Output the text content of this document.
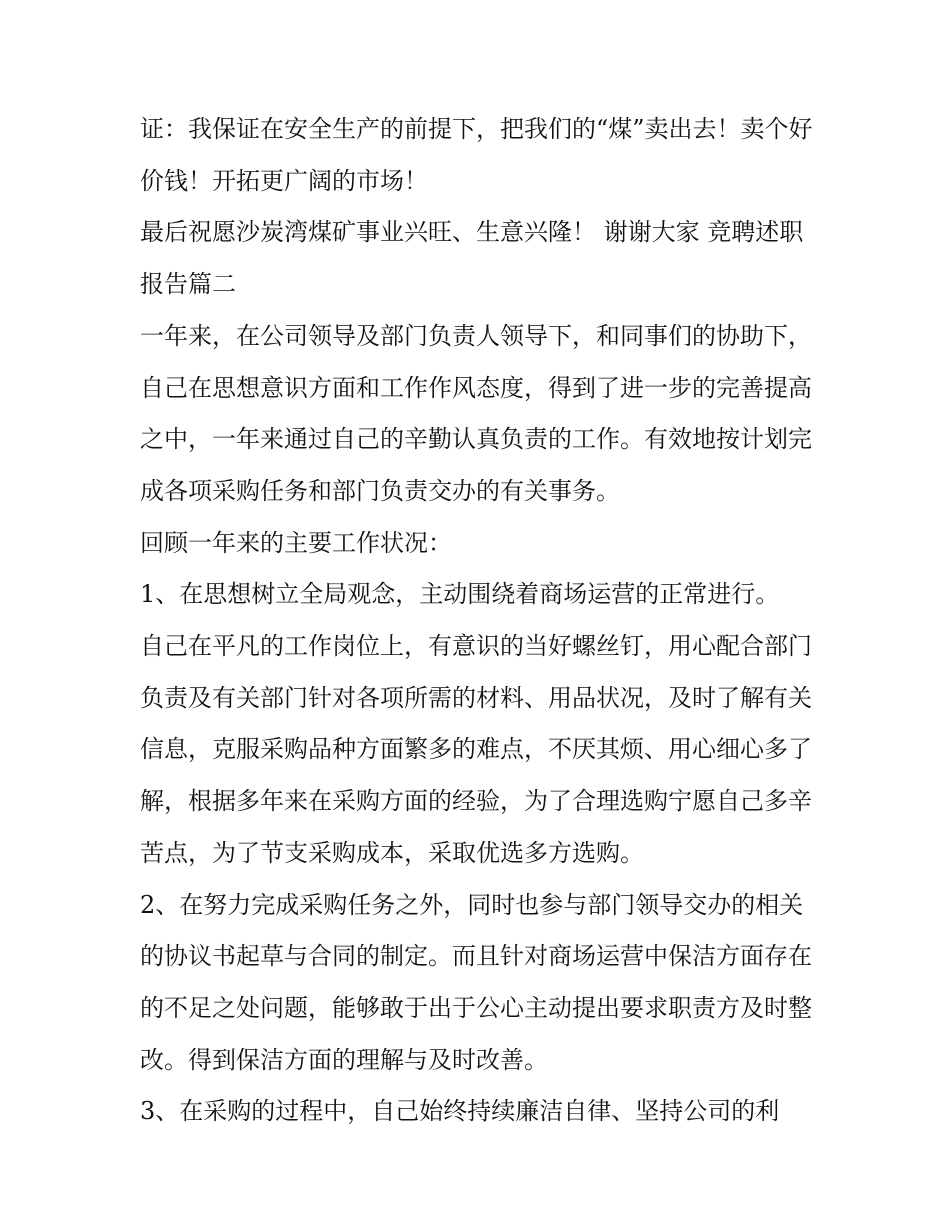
证：我保证在安全生产的前提下，把我们的“煤”卖出去！卖个好价钱！开拓更广阔的市场！

最后祝愿沙炭湾煤矿事业兴旺、生意兴隆！ 谢谢大家 竞聘述职报告篇二

一年来，在公司领导及部门负责人领导下，和同事们的协助下，自己在思想意识方面和工作作风态度，得到了进一步的完善提高之中，一年来通过自己的辛勤认真负责的工作。有效地按计划完成各项采购任务和部门负责交办的有关事务。

回顾一年来的主要工作状况：

1、在思想树立全局观念，主动围绕着商场运营的正常进行。

自己在平凡的工作岗位上，有意识的当好螺丝钉，用心配合部门负责及有关部门针对各项所需的材料、用品状况，及时了解有关信息，克服采购品种方面繁多的难点，不厌其烦、用心细心多了解，根据多年来在采购方面的经验，为了合理选购宁愿自己多辛苦点，为了节支采购成本，采取优选多方选购。

2、在努力完成采购任务之外，同时也参与部门领导交办的相关的协议书起草与合同的制定。而且针对商场运营中保洁方面存在的不足之处问题，能够敢于出于公心主动提出要求职责方及时整改。得到保洁方面的理解与及时改善。

3、在采购的过程中，自己始终持续廉洁自律、坚持公司的利
